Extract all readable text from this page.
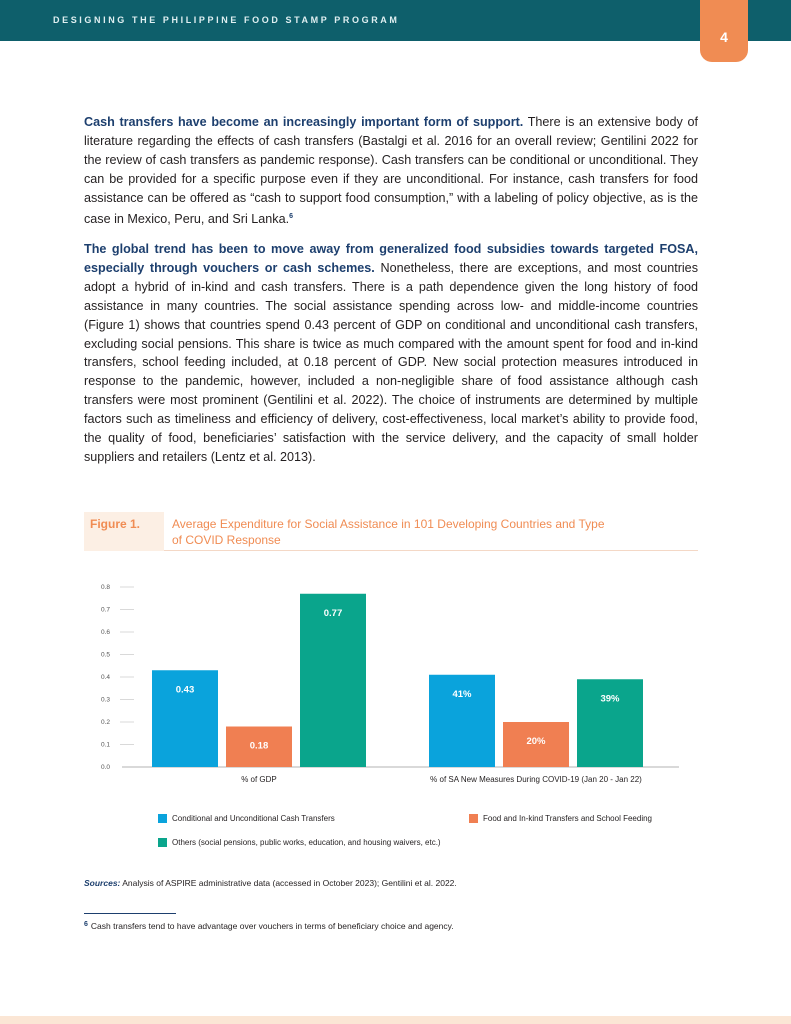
DESIGNING THE PHILIPPINE FOOD STAMP PROGRAM
4

Cash transfers have become an increasingly important form of support. There is an extensive body of literature regarding the effects of cash transfers (Bastalgi et al. 2016 for an overall review; Gentilini 2022 for the review of cash transfers as pandemic response). Cash transfers can be conditional or unconditional. They can be provided for a specific purpose even if they are unconditional. For instance, cash transfers for food assistance can be offered as “cash to support food consumption,” with a labeling of policy objective, as is the case in Mexico, Peru, and Sri Lanka.$^6$

The global trend has been to move away from generalized food subsidies towards targeted FOSA, especially through vouchers or cash schemes. Nonetheless, there are exceptions, and most countries adopt a hybrid of in-kind and cash transfers. There is a path dependence given the long history of food assistance in many countries. The social assistance spending across low- and middle-income countries (Figure 1) shows that countries spend 0.43 percent of GDP on conditional and unconditional cash transfers, excluding social pensions. This share is twice as much compared with the amount spent for food and in-kind transfers, school feeding included, at 0.18 percent of GDP. New social protection measures introduced in response to the pandemic, however, included a non-negligible share of food assistance although cash transfers were most prominent (Gentilini et al. 2022). The choice of instruments are determined by multiple factors such as timeliness and efficiency of delivery, cost-effectiveness, local market’s ability to provide food, the quality of food, beneficiaries’ satisfaction with the service delivery, and the capacity of small holder suppliers and retailers (Lentz et al. 2013).

Figure 1.	Average Expenditure for Social Assistance in 101 Developing Countries and Type of COVID Response
0.0
0.1
0.2
0.3
0.4
0.5
0.6
0.7
0.8
0.43
0.18
0.77
% of GDP
41%
20%
39%
% of SA New Measures During COVID-19 (Jan 20 - Jan 22)
Conditional and Unconditional Cash Transfers	Food and In-kind Transfers and School Feeding
Others (social pensions, public works, education, and housing waivers, etc.)
Sources: Analysis of ASPIRE administrative data (accessed in October 2023); Gentilini et al. 2022.
$^6$ Cash transfers tend to have advantage over vouchers in terms of beneficiary choice and agency.
